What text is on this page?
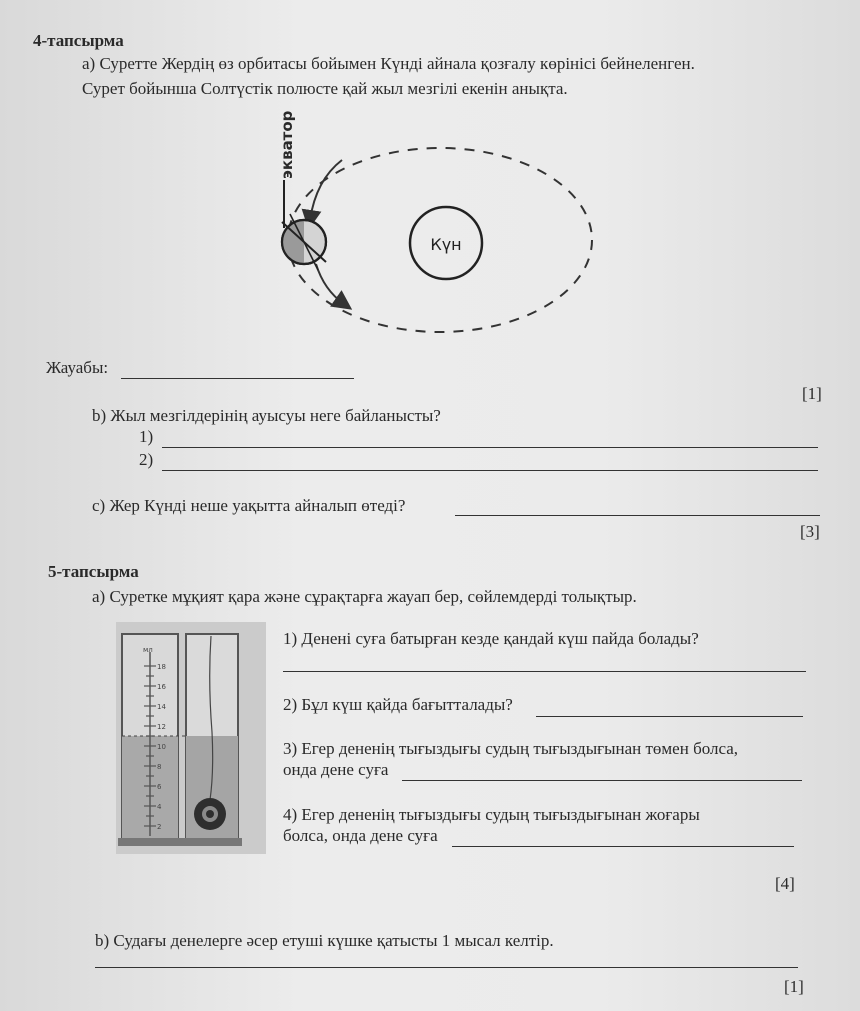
4-тапсырма
а) Суретте Жердің өз орбитасы бойымен Күнді айнала қозғалу көрінісі бейнеленген.
Сурет бойынша Солтүстік полюсте қай жыл мезгілі екенін анықта.
экватор
Күн
Жауабы:
[1]
b) Жыл мезгілдерінің ауысуы неге байланысты?
1)
2)
c) Жер Күнді неше уақытта айналып өтеді?
[3]
5-тапсырма
а) Суретке мұқият қара және сұрақтарға жауап бер, сөйлемдерді толықтыр.
мл
18
16
14
12
10
8
6
4
2
1) Денені суға батырған кезде қандай күш пайда болады?
2) Бұл күш қайда бағытталады?
3) Егер дененің тығыздығы судың тығыздығынан төмен болса,
онда дене суға
4) Егер дененің тығыздығы судың тығыздығынан жоғары
болса, онда дене суға
[4]
b) Судағы денелерге әсер етуші күшке қатысты 1 мысал келтір.
[1]
